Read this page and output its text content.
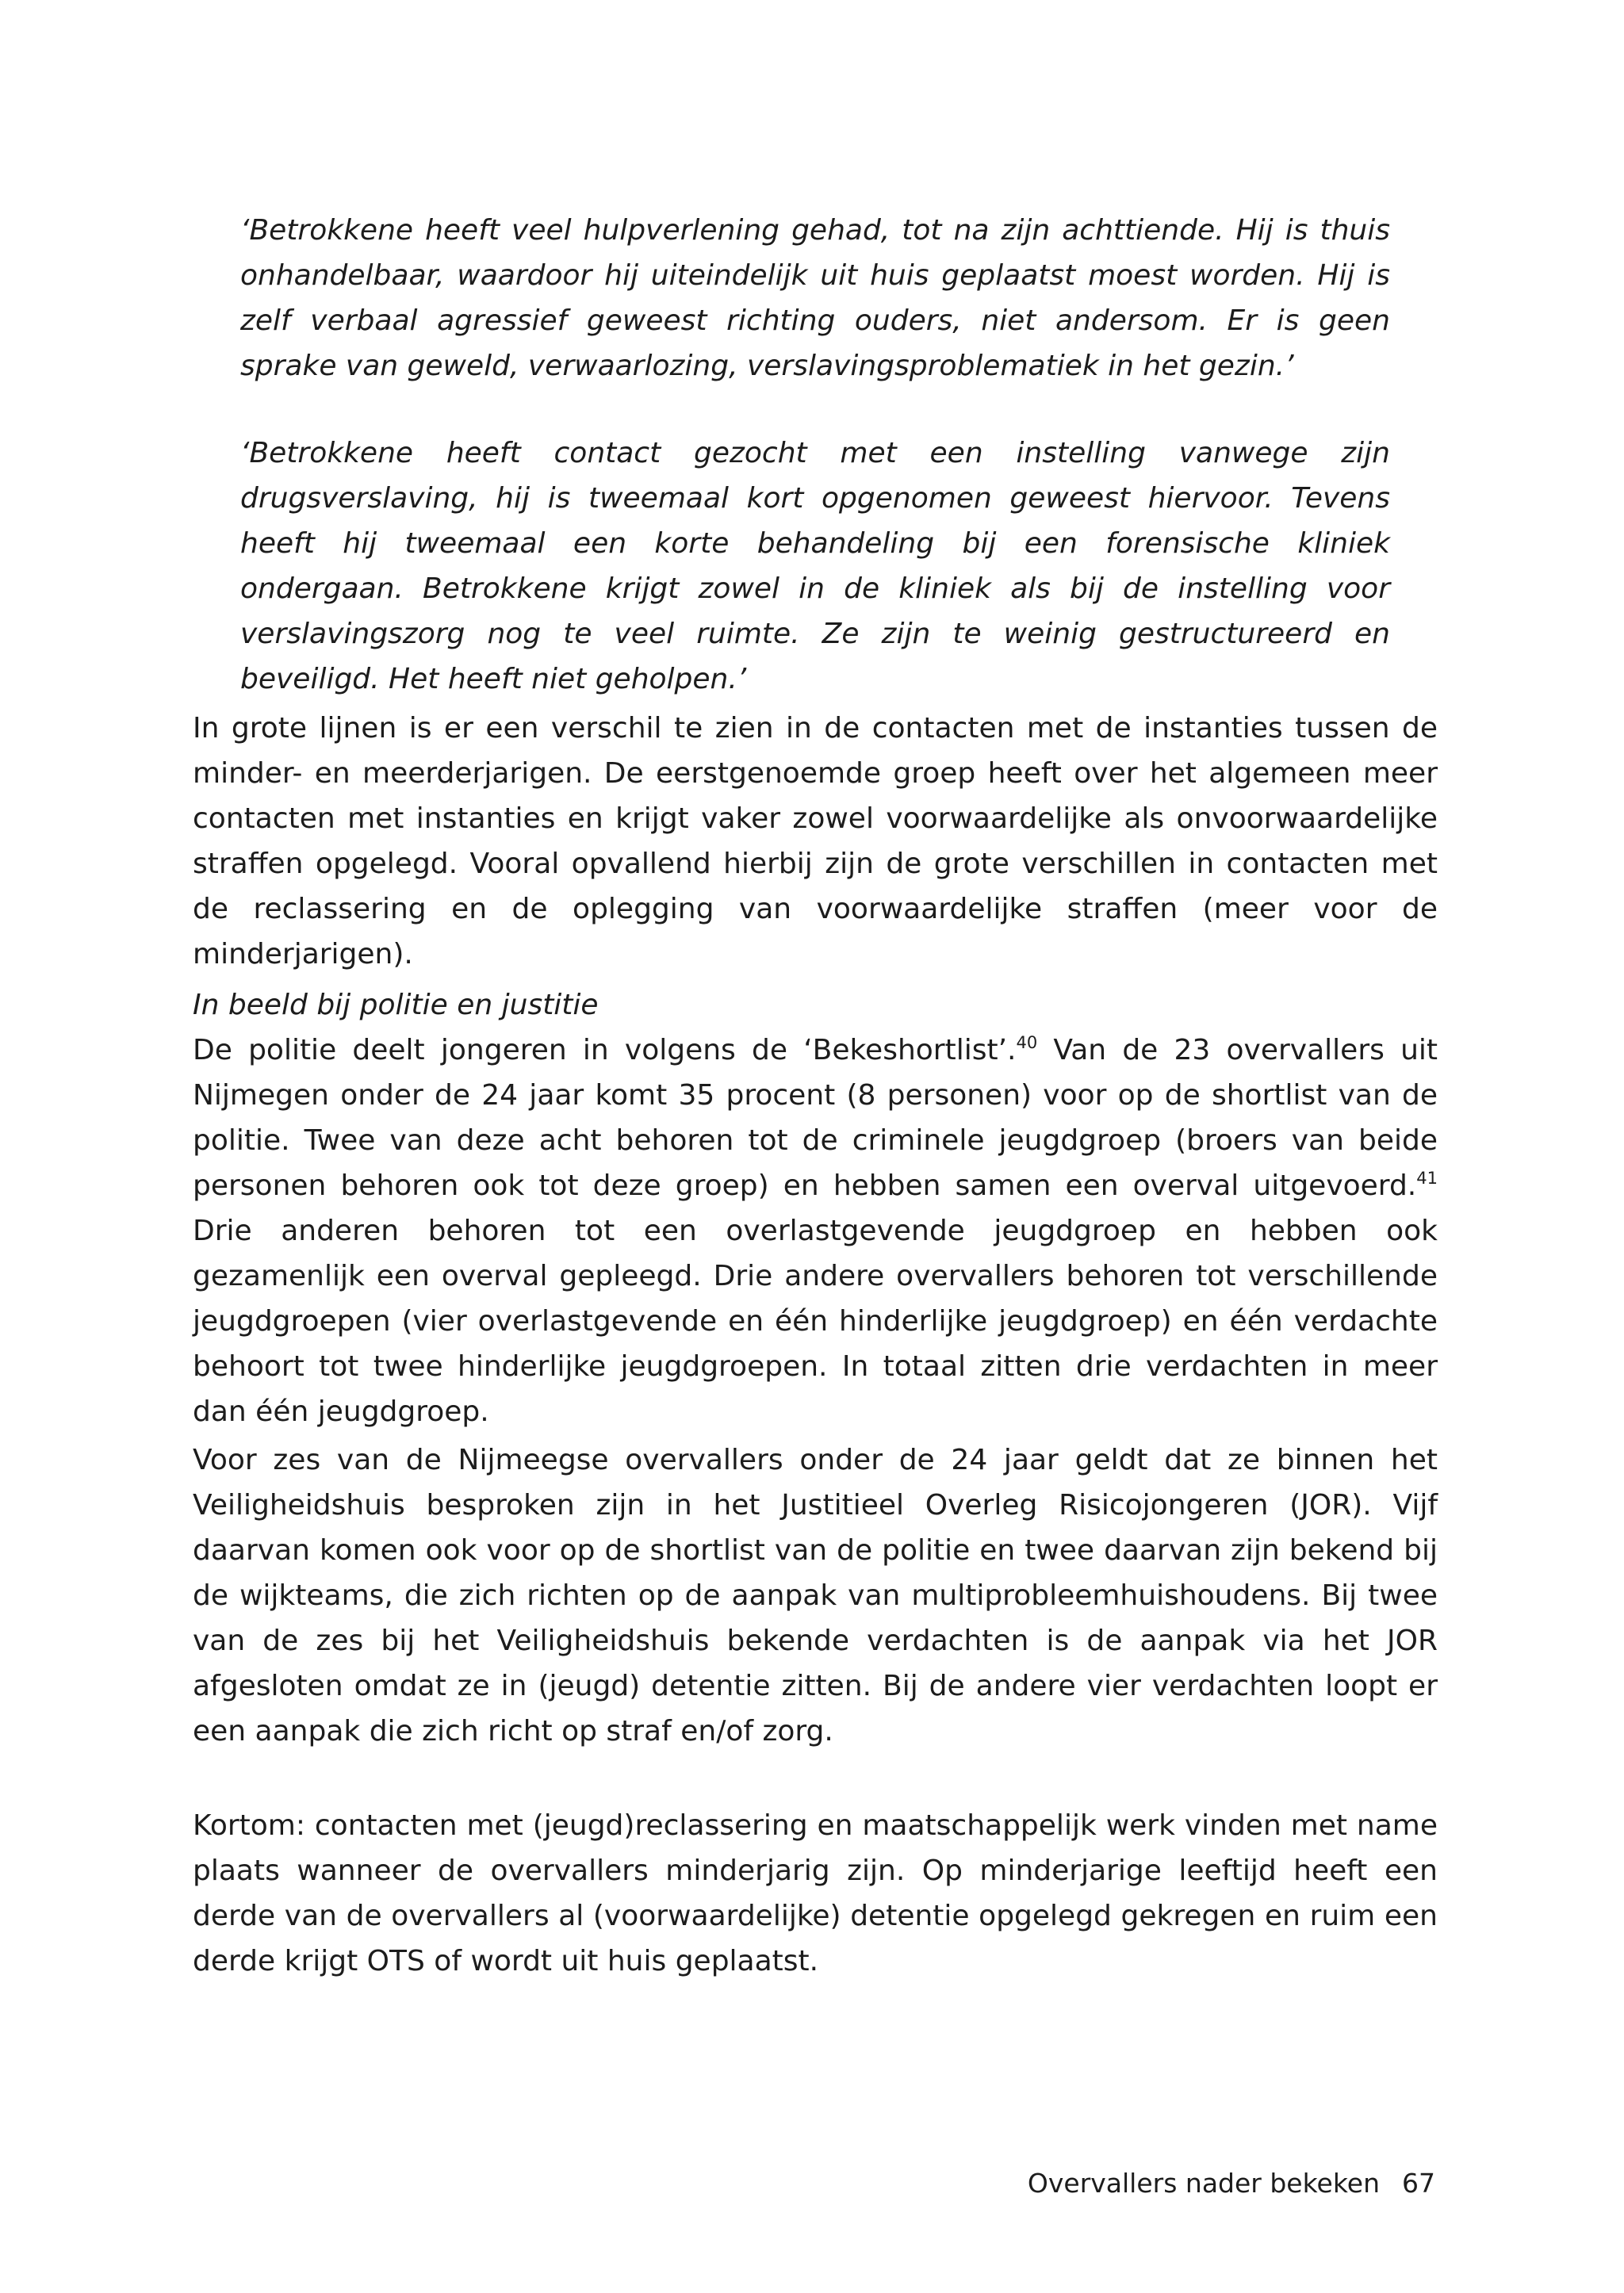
‘Betrokkene heeft veel hulpverlening gehad, tot na zijn achttiende. Hij is thuis onhandelbaar, waardoor hij uiteindelijk uit huis geplaatst moest worden. Hij is zelf verbaal agressief geweest richting ouders, niet andersom. Er is geen sprake van geweld, verwaarlozing, verslavingsproblematiek in het gezin.’

‘Betrokkene heeft contact gezocht met een instelling vanwege zijn drugsverslaving, hij is tweemaal kort opgenomen geweest hiervoor. Tevens heeft hij tweemaal een korte behandeling bij een forensische kliniek ondergaan. Betrokkene krijgt zowel in de kliniek als bij de instelling voor verslavingszorg nog te veel ruimte. Ze zijn te weinig gestructureerd en beveiligd. Het heeft niet geholpen.’

In grote lijnen is er een verschil te zien in de contacten met de instanties tussen de minder- en meerderjarigen. De eerstgenoemde groep heeft over het algemeen meer contacten met instanties en krijgt vaker zowel voorwaardelijke als onvoorwaardelijke straffen opgelegd. Vooral opvallend hierbij zijn de grote verschillen in contacten met de reclassering en de oplegging van voorwaardelijke straffen (meer voor de minderjarigen).

In beeld bij politie en justitie

De politie deelt jongeren in volgens de ‘Bekeshortlist’.$^{40}$ Van de 23 overvallers uit Nijmegen onder de 24 jaar komt 35 procent (8 personen) voor op de shortlist van de politie. Twee van deze acht behoren tot de criminele jeugdgroep (broers van beide personen behoren ook tot deze groep) en hebben samen een overval uitgevoerd.$^{41}$ Drie anderen behoren tot een overlastgevende jeugdgroep en hebben ook gezamenlijk een overval gepleegd. Drie andere overvallers behoren tot verschillende jeugdgroepen (vier overlastgevende en één hinderlijke jeugdgroep) en één verdachte behoort tot twee hinderlijke jeugdgroepen. In totaal zitten drie verdachten in meer dan één jeugdgroep.

Voor zes van de Nijmeegse overvallers onder de 24 jaar geldt dat ze binnen het Veiligheidshuis besproken zijn in het Justitieel Overleg Risicojongeren (JOR). Vijf daarvan komen ook voor op de shortlist van de politie en twee daarvan zijn bekend bij de wijkteams, die zich richten op de aanpak van multiprobleemhuishoudens. Bij twee van de zes bij het Veiligheidshuis bekende verdachten is de aanpak via het JOR afgesloten omdat ze in (jeugd) detentie zitten. Bij de andere vier verdachten loopt er een aanpak die zich richt op straf en/of zorg.

Kortom: contacten met (jeugd)reclassering en maatschappelijk werk vinden met name plaats wanneer de overvallers minderjarig zijn. Op minderjarige leeftijd heeft een derde van de overvallers al (voorwaardelijke) detentie opgelegd gekregen en ruim een derde krijgt OTS of wordt uit huis geplaatst.

Overvallers nader bekeken 67
